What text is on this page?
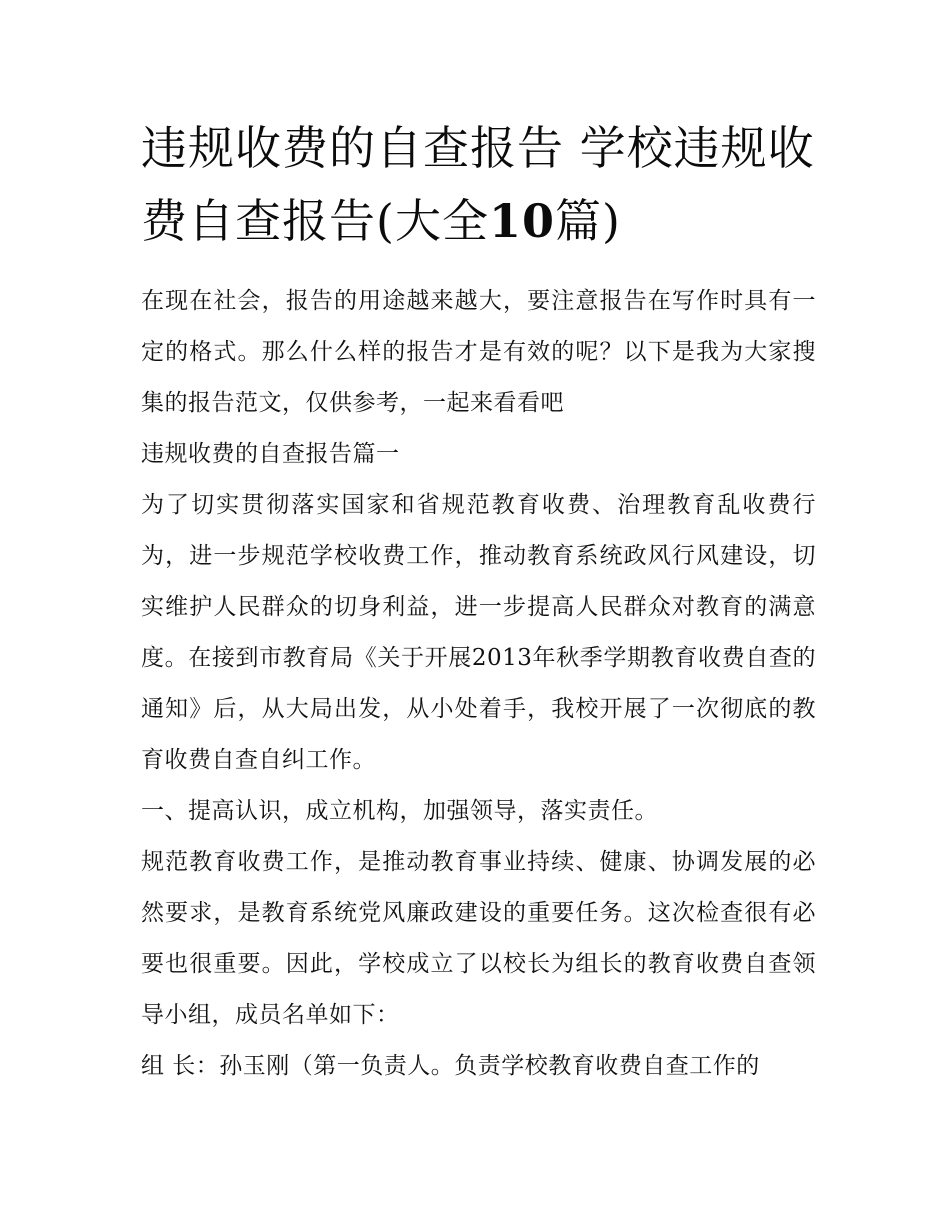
违规收费的自查报告 学校违规收费自查报告(大全10篇)

在现在社会，报告的用途越来越大，要注意报告在写作时具有一定的格式。那么什么样的报告才是有效的呢？以下是我为大家搜集的报告范文，仅供参考，一起来看看吧

违规收费的自查报告篇一

为了切实贯彻落实国家和省规范教育收费、治理教育乱收费行为，进一步规范学校收费工作，推动教育系统政风行风建设，切实维护人民群众的切身利益，进一步提高人民群众对教育的满意度。在接到市教育局《关于开展2013年秋季学期教育收费自查的通知》后，从大局出发，从小处着手，我校开展了一次彻底的教育收费自查自纠工作。

一、提高认识，成立机构，加强领导，落实责任。

规范教育收费工作，是推动教育事业持续、健康、协调发展的必然要求，是教育系统党风廉政建设的重要任务。这次检查很有必要也很重要。因此，学校成立了以校长为组长的教育收费自查领导小组，成员名单如下：

组 长：孙玉刚（第一负责人。负责学校教育收费自查工作的
